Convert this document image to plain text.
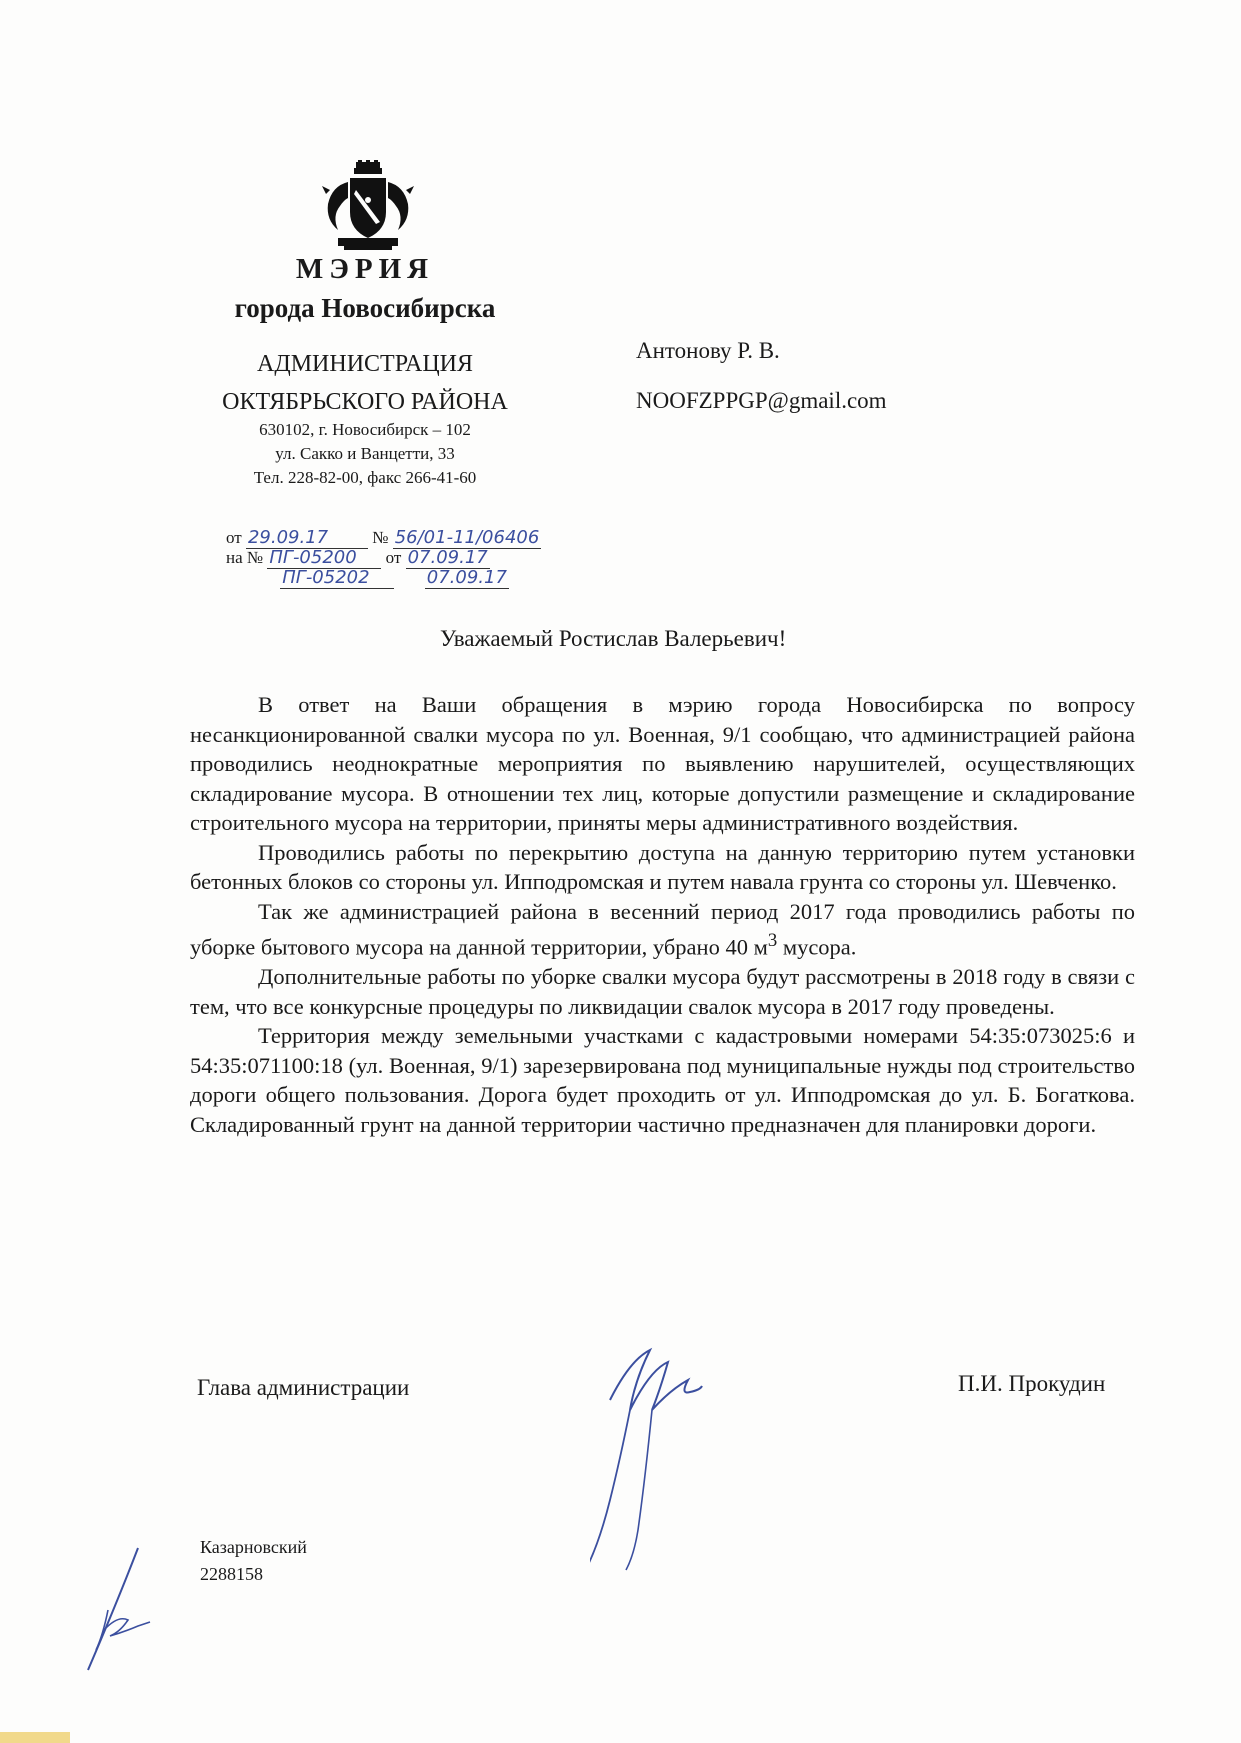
МЭРИЯ
города Новосибирска
АДМИНИСТРАЦИЯ
ОКТЯБРЬСКОГО РАЙОНА
630102, г. Новосибирск – 102
ул. Сакко и Ванцетти, 33
Тел. 228-82-00, факс 266-41-60
Антонову Р. В.
NOOFZPPGP@gmail.com
от 29.09.17	№ 56/01-11/06406
на № ПГ-05200 от 07.09.17
ПГ-05202	07.09.17
Уважаемый Ростислав Валерьевич!

В ответ на Ваши обращения в мэрию города Новосибирска по вопросу несанкционированной свалки мусора по ул. Военная, 9/1 сообщаю, что администрацией района проводились неоднократные мероприятия по выявлению нарушителей, осуществляющих складирование мусора. В отношении тех лиц, которые допустили размещение и складирование строительного мусора на территории, приняты меры административного воздействия.

Проводились работы по перекрытию доступа на данную территорию путем установки бетонных блоков со стороны ул. Ипподромская и путем навала грунта со стороны ул. Шевченко.

Так же администрацией района в весенний период 2017 года проводились работы по уборке бытового мусора на данной территории, убрано 40 $м^3$ мусора.

Дополнительные работы по уборке свалки мусора будут рассмотрены в 2018 году в связи с тем, что все конкурсные процедуры по ликвидации свалок мусора в 2017 году проведены.

Территория между земельными участками с кадастровыми номерами 54:35:073025:6 и 54:35:071100:18 (ул. Военная, 9/1) зарезервирована под муниципальные нужды под строительство дороги общего пользования. Дорога будет проходить от ул. Ипподромская до ул. Б. Богаткова. Складированный грунт на данной территории частично предназначен для планировки дороги.

Глава администрации	П.И. Прокудин
Казарновский
2288158
